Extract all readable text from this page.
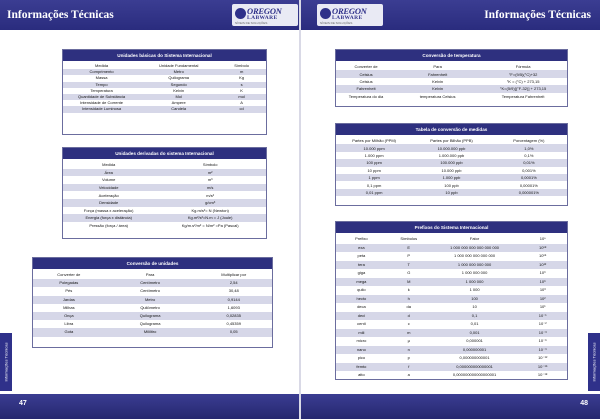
Informações Técnicas	OREGON
LABWARE
NÍVEIS DE SOLUÇÕES
OREGON
LABWARE
NÍVEIS DE SOLUÇÕES
Informações Técnicas
Unidades básicas do Sistema Internacional
Medida	Unidade Fundamental	Símbolo
Comprimento	Metro	m
Massa	Quilograma	Kg
Tempo	Segundo	s
Temperatura	Kelvin	K
Quantidade de Substância	Mol	mol
Intensidade de Corrente	Ampere	A
Intensidade Luminosa	Candela	cd
Unidades derivadas do sistema Internacional
Medida	Símbolo
Área	m²
Volume	m³
Velocidade	m/s
Aceleração	m/s²
Densidade	g/cm³
Força (massa x aceleração)	Kg.m/s²= N (Newton)
Energia (força x distância)	Kg.m²/s²=N.m = J (Joule)
Pressão (força / área)	Kg/m.s²/m² = N/m² =Pa (Pascal)
Conversão de unidades
Converter de	Para	Multiplicar por
Polegadas	Centímetro	2,54
Pés	Centímetro	30,48
Jardas	Metro	0,9144
Milhas	Quilômetro	1,6093
Onça	Quilograma	0,02835
Libra	Quilograma	0,45359
Gota	Mililitro	0,05
Conversão de temperatura
Converter de	Para	Fórmula
Celsius	Fahrenheit	°F=(9/5)(°C)+32
Celsius	Kelvin	°K = (°C) + 273,15
Fahrenheit	Kelvin	°K=(5/9)[(°F-32)] + 273,15
Temperatura do dia	temperatura Celsius	Temperatura Fahrenheit
Tabela de conversão de medidas
Partes por Milhão (PPM)	Partes por Bilhão (PPB)	Porcentagem (%)
10.000 ppm	10.000.000 ppb	1,0%
1.000 ppm	1.000.000 ppb	0,1%
100 ppm	100.000 ppb	0,01%
10 ppm	10.000 ppb	0,001%
1 ppm	1.000 ppb	0,0001%
0,1 ppm	100 ppb	0,00001%
0,01 ppm	10 ppb	0,000001%
Prefixos do Sistema Internacional
Prefixo	Símbolos	Fator	10ⁿ
exa	E	1 000 000 000 000 000 000	10¹⁸
peta	P	1 000 000 000 000 000	10¹⁵
tera	T	1 000 000 000 000	10¹²
giga	G	1 000 000 000	10⁹
mega	M	1 000 000	10⁶
quilo	k	1 000	10³
hecto	h	100	10²
deca	da	10	10¹
deci	d	0,1	10⁻¹
centi	c	0,01	10⁻²
mili	m	0,001	10⁻³
micro	µ	0,000001	10⁻⁶
nano	n	0,000000001	10⁻⁹
pico	p	0,000000000001	10⁻¹²
femto	f	0,000000000000001	10⁻¹⁵
atto	a	0,000000000000000001	10⁻¹⁸
Informações Técnicas	Informações Técnicas
47	48
